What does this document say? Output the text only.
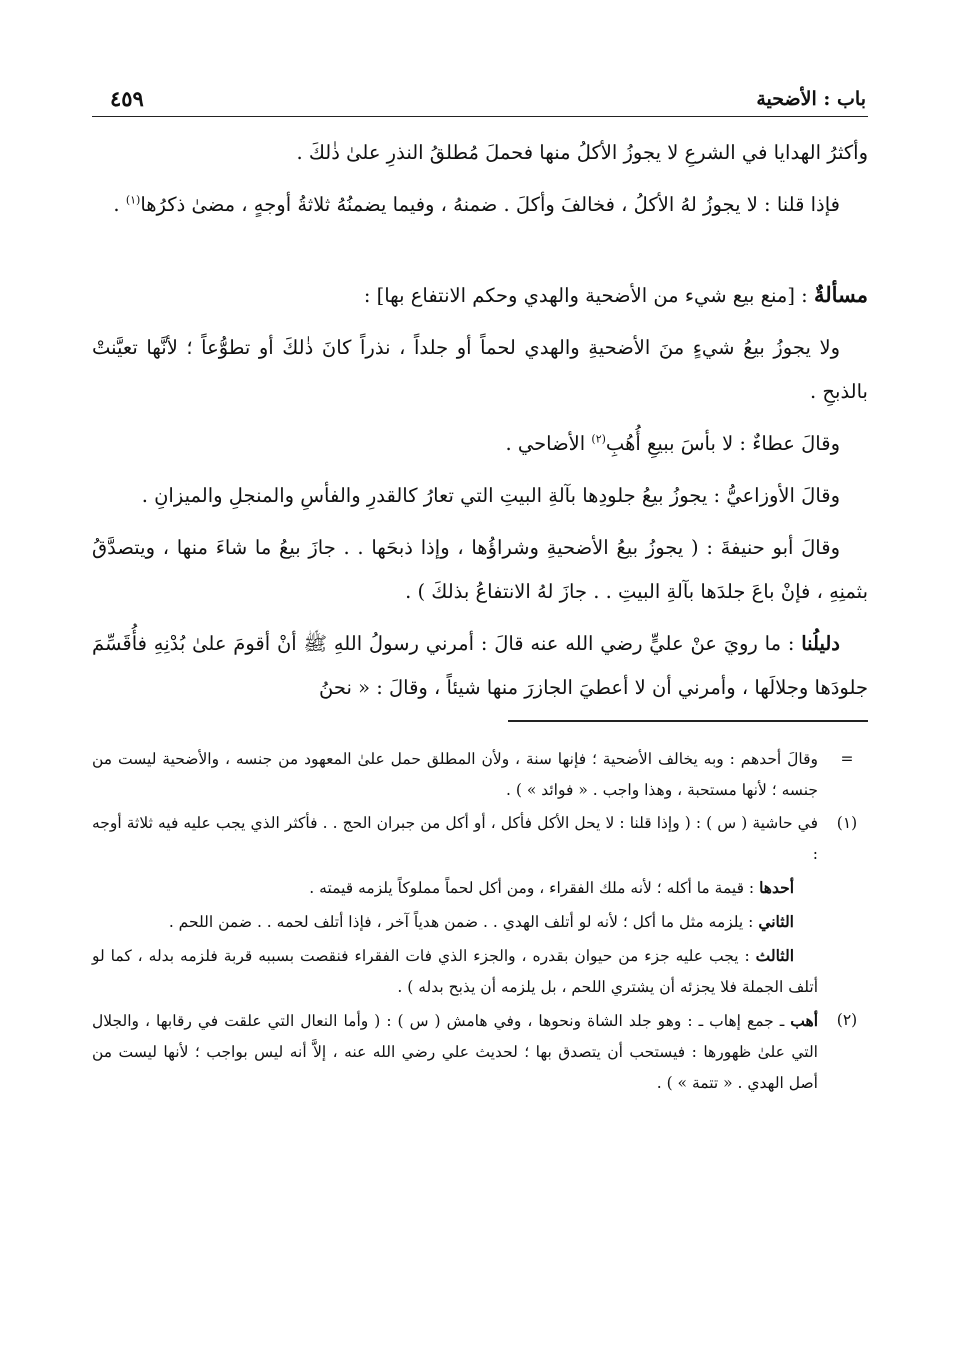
باب : الأضحية
٤٥٩

وأكثرُ الهدايا في الشرعِ لا يجوزُ الأكلُ منها فحملَ مُطلقُ النذرِ علىٰ ذٰلكَ .

فإذا قلنا : لا يجوزُ لهُ الأكلُ ، فخالفَ وأكلَ . ضمنهُ ، وفيما يضمنُهُ ثلاثةُ أوجهٍ ، مضىٰ ذكرُها$^{(١)}$ .

مسألةٌ : [منع بيع شيء من الأضحية والهدي وحكم الانتفاع بها] :

ولا يجوزُ بيعُ شيءٍ منَ الأضحيةِ والهدي لحماً أو جلداً ، نذراً كانَ ذٰلكَ أو تطوُّعاً ؛ لأنَّها تعيَّنتْ بالذبحِ .

وقالَ عطاءٌ : لا بأسَ ببيعِ أُهُبِ$^{(٢)}$ الأضاحي .

وقالَ الأوزاعيُّ : يجوزُ بيعُ جلودِها بآلةِ البيتِ التي تعارُ كالقدرِ والفأسِ والمنجلِ والميزانِ .

وقالَ أبو حنيفةَ : ( يجوزُ بيعُ الأضحيةِ وشراؤُها ، وإذا ذبحَها . . جازَ بيعُ ما شاءَ منها ، ويتصدَّقُ بثمنِهِ ، فإنْ باعَ جلدَها بآلةِ البيتِ . . جازَ لهُ الانتفاعُ بذلكَ ) .

دليلُنا : ما رويَ عنْ عليٍّ رضي الله عنه قالَ : أمرني رسولُ اللهِ ﷺ أنْ أقومَ علىٰ بُدْنِهِ فأُقَسِّمَ جلودَها وجلالَها ، وأمرني أن لا أعطيَ الجازرَ منها شيئاً ، وقالَ : « نحنُ

=
وقالَ أحدهم : وبه يخالف الأضحية ؛ فإنها سنة ، ولأن المطلق حمل علىٰ المعهود من جنسه ، والأضحية ليست من جنسه ؛ لأنها مستحبة ، وهذا واجب . « فوائد » ) .
(١)
في حاشية ( س ) : ( وإذا قلنا : لا يحل الأكل فأكل ، أو أكل من جبران الحج . . فأكثر الذي يجب عليه فيه ثلاثة أوجه :
أحدها : قيمة ما أكله ؛ لأنه ملك الفقراء ، ومن أكل لحماً مملوكاً يلزمه قيمته .
الثاني : يلزمه مثل ما أكل ؛ لأنه لو أتلف الهدي . . ضمن هدياً آخر ، فإذا أتلف لحمه . . ضمن اللحم .
الثالث : يجب عليه جزء من حيوان بقدره ، والجزء الذي فات الفقراء فنقصت بسببه قربة فلزمه بدله ، كما لو أتلف الجملة فلا يجزئه أن يشتري اللحم ، بل يلزمه أن يذبح بدله ) .
(٢)
أهب ـ جمع إهاب ـ : وهو جلد الشاة ونحوها ، وفي هامش ( س ) : ( وأما النعال التي علقت في رقابها ، والجلال التي علىٰ ظهورها : فيستحب أن يتصدق بها ؛ لحديث علي رضي الله عنه ، إلاَّ أنه ليس بواجب ؛ لأنها ليست من أصل الهدي . « تتمة » ) .
